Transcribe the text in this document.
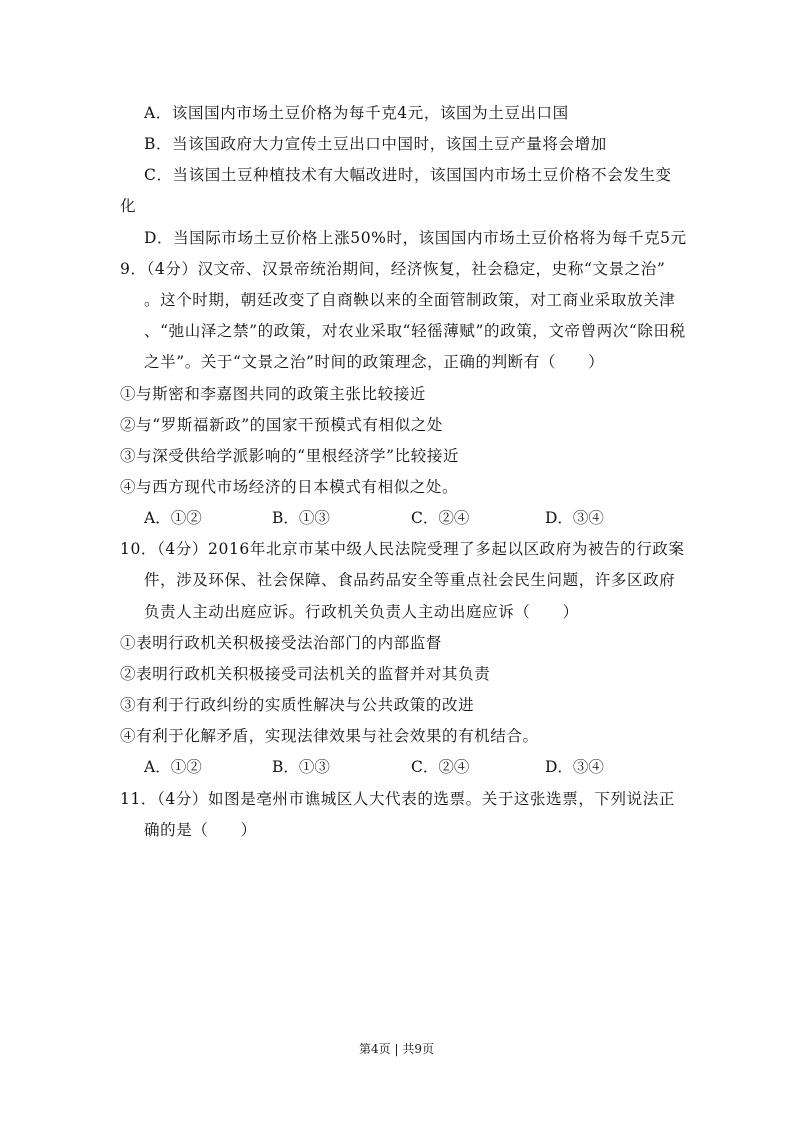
A．该国国内市场土豆价格为每千克4元，该国为土豆出口国
B．当该国政府大力宣传土豆出口中国时，该国土豆产量将会增加
C．当该国土豆种植技术有大幅改进时，该国国内市场土豆价格不会发生变
化
D．当国际市场土豆价格上涨50%时，该国国内市场土豆价格将为每千克5元
9．（4分）汉文帝、汉景帝统治期间，经济恢复，社会稳定，史称“文景之治”
。这个时期，朝廷改变了自商鞅以来的全面管制政策，对工商业采取放关津
、“弛山泽之禁”的政策，对农业采取“轻徭薄赋”的政策，文帝曾两次“除田税
之半”。关于“文景之治”时间的政策理念，正确的判断有（　　）
①与斯密和李嘉图共同的政策主张比较接近
②与“罗斯福新政”的国家干预模式有相似之处
③与深受供给学派影响的“里根经济学”比较接近
④与西方现代市场经济的日本模式有相似之处。
A．①②	B．①③	C．②④	D．③④
10．（4分）2016年北京市某中级人民法院受理了多起以区政府为被告的行政案
件，涉及环保、社会保障、食品药品安全等重点社会民生问题，许多区政府
负责人主动出庭应诉。行政机关负责人主动出庭应诉（　　）
①表明行政机关积极接受法治部门的内部监督
②表明行政机关积极接受司法机关的监督并对其负责
③有利于行政纠纷的实质性解决与公共政策的改进
④有利于化解矛盾，实现法律效果与社会效果的有机结合。
A．①②	B．①③	C．②④	D．③④
11．（4分）如图是亳州市谯城区人大代表的选票。关于这张选票，下列说法正
确的是（　　）
第4页 | 共9页
